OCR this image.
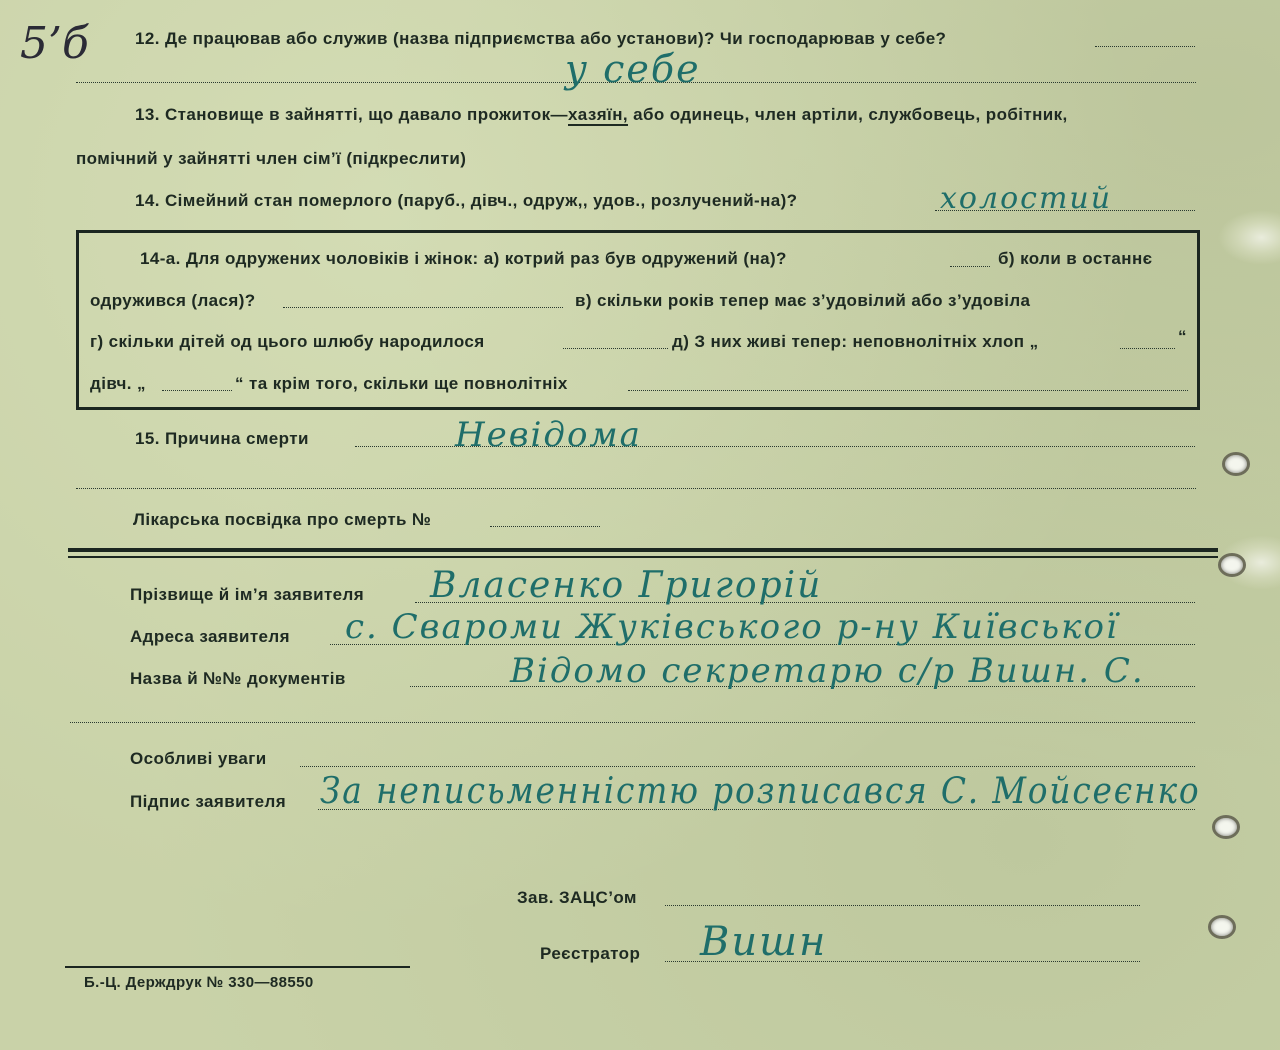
5’б	12. Де працював або служив (назва підприємства або установи)? Чи господарював у себе?
у себе
13. Становище в зайнятті, що давало прожиток—хазяїн, або одинець, член артіли, службовець, робітник,
помічний у зайнятті член сім’ї (підкреслити)
14. Сімейний стан померлого (паруб., дівч., одруж,, удов., розлучений-на)?	холостий
14-а. Для одружених чоловіків і жінок: а) котрий раз був одружений (на)?	б) коли в останнє
одружився (лася)?	в) скільки років тепер має з’удовілий або з’удовіла
г) скільки дітей од цього шлюбу народилося	д) З них живі тепер: неповнолітніх хлоп „	“
дівч. „	“ та крім того, скільки ще повнолітніх
15. Причина смерти	Невідома
Лікарська посвідка про смерть №
Прізвище й ім’я заявителя Власенко Григорій
Адреса заявителя с. Свароми Жуківського р-ну Київської
Назва й №№ документів	Відомо секретарю с/р Вишн. С.
Особливі уваги
Підпис заявителя За неписьменністю розписався С. Мойсеєнко
Зав. ЗАЦС’ом
Реєстратор Вишн
Б.-Ц. Держдрук № 330—88550
